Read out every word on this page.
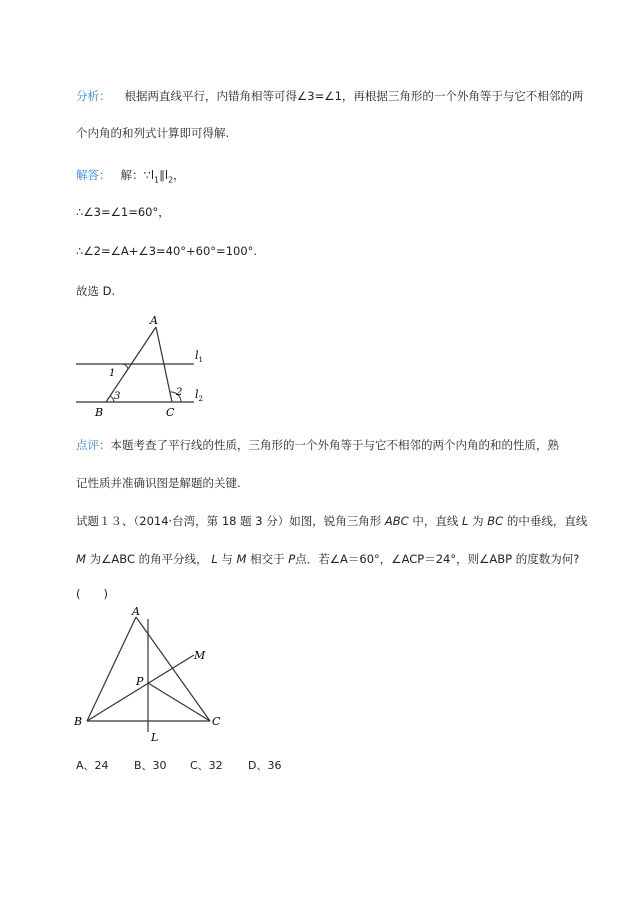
分析： 根据两直线平行，内错角相等可得∠3=∠1，再根据三角形的一个外角等于与它不相邻的两
个内角的和列式计算即可得解.
解答： 解：$\because l_1\parallel l_2$，
∴∠3=∠1=60°，
∴∠2=∠A+∠3=40°+60°=100°.
故选 D.
A
B	C
1
3	2
$l_1$
$l_2$
点评：本题考查了平行线的性质，三角形的一个外角等于与它不相邻的两个内角的和的性质，熟
记性质并准确识图是解题的关键.
试题１３、（2014·台湾，第 18 题 3 分）如图，锐角三角形 ABC 中，直线 L 为 BC 的中垂线，直线
M 为∠ABC 的角平分线， L 与 M 相交于 P点．若∠A＝60°，∠ACP＝24°，则∠ABP 的度数为何?
(　　)
A
B	C
M
P
L
A、24 B、30 C、32 D、36
